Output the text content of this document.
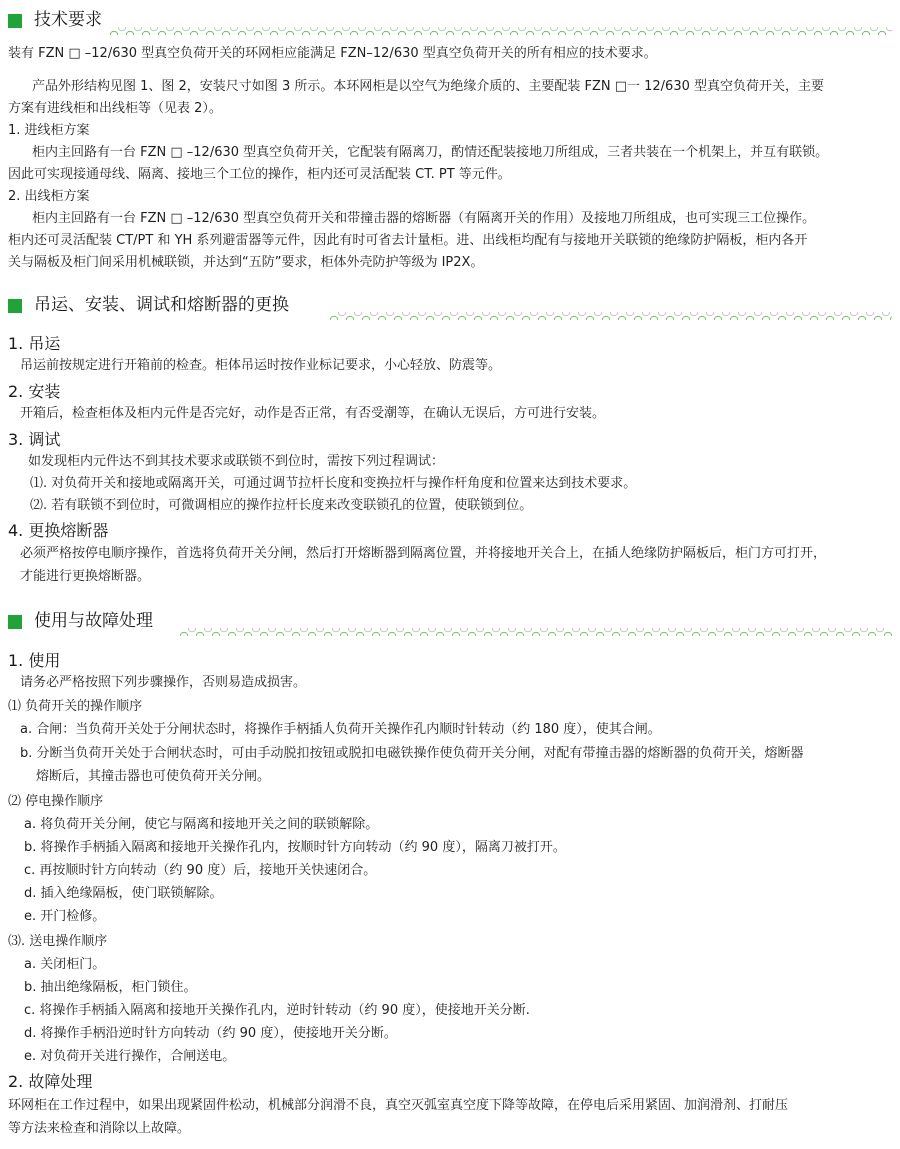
技术要求
装有 FZN □ –12/630 型真空负荷开关的环网柜应能满足 FZN–12/630 型真空负荷开关的所有相应的技术要求。
产品外形结构见图 1、图 2，安装尺寸如图 3 所示。本环网柜是以空气为绝缘介质的、主要配装 FZN □一 12/630 型真空负荷开关，主要
方案有进线柜和出线柜等（见表 2）。
1. 进线柜方案
柜内主回路有一台 FZN □ –12/630 型真空负荷开关，它配装有隔离刀，酌情还配装接地刀所组成，三者共装在一个机架上，并互有联锁。
因此可实现接通母线、隔离、接地三个工位的操作，柜内还可灵活配装 CT. PT 等元件。
2. 出线柜方案
柜内主回路有一台 FZN □ –12/630 型真空负荷开关和带撞击器的熔断器（有隔离开关的作用）及接地刀所组成，也可实现三工位操作。
柜内还可灵活配装 CT/PT 和 YH 系列避雷器等元件，因此有时可省去计量柜。进、出线柜均配有与接地开关联锁的绝缘防护隔板，柜内各开
关与隔板及柜门间采用机械联锁，并达到“五防”要求，柜体外壳防护等级为 IP2X。
吊运、安装、调试和熔断器的更换
1. 吊运
吊运前按规定进行开箱前的检查。柜体吊运时按作业标记要求，小心轻放、防震等。
2. 安装
开箱后，检查柜体及柜内元件是否完好，动作是否正常，有否受潮等，在确认无误后，方可进行安装。
3. 调试
如发现柜内元件达不到其技术要求或联锁不到位时，需按下列过程调试：
⑴. 对负荷开关和接地或隔离开关，可通过调节拉杆长度和变换拉杆与操作杆角度和位置来达到技术要求。
⑵. 若有联锁不到位时，可微调相应的操作拉杆长度来改变联锁孔的位置，使联锁到位。
4. 更换熔断器
必须严格按停电顺序操作，首选将负荷开关分闸，然后打开熔断器到隔离位置，并将接地开关合上，在插人绝缘防护隔板后，柜门方可打开，
才能进行更换熔断器。
使用与故障处理
1. 使用
请务必严格按照下列步骤操作，否则易造成损害。
⑴ 负荷开关的操作顺序
a. 合闸：当负荷开关处于分闸状态时，将操作手柄插人负荷开关操作孔内顺时针转动（约 180 度），使其合闸。
b. 分断当负荷开关处于合闸状态时，可由手动脱扣按钮或脱扣电磁铁操作使负荷开关分闸，对配有带撞击器的熔断器的负荷开关，熔断器
熔断后，其撞击器也可使负荷开关分闸。
⑵ 停电操作顺序
a. 将负荷开关分闸，使它与隔离和接地开关之间的联锁解除。
b. 将操作手柄插入隔离和接地开关操作孔内，按顺时针方向转动（约 90 度），隔离刀被打开。
c. 再按顺时针方向转动（约 90 度）后，接地开关快速闭合。
d. 插入绝缘隔板，使门联锁解除。
e. 开门检修。
⑶. 送电操作顺序
a. 关闭柜门。
b. 抽出绝缘隔板，柜门锁住。
c. 将操作手柄插入隔离和接地开关操作孔内，逆时针转动（约 90 度），使接地开关分断.
d. 将操作手柄沿逆时针方向转动（约 90 度），使接地开关分断。
e. 对负荷开关进行操作，合闸送电。
2. 故障处理
环网柜在工作过程中，如果出现紧固件松动，机械部分润滑不良，真空灭弧室真空度下降等故障，在停电后采用紧固、加润滑剂、打耐压
等方法来检查和消除以上故障。
